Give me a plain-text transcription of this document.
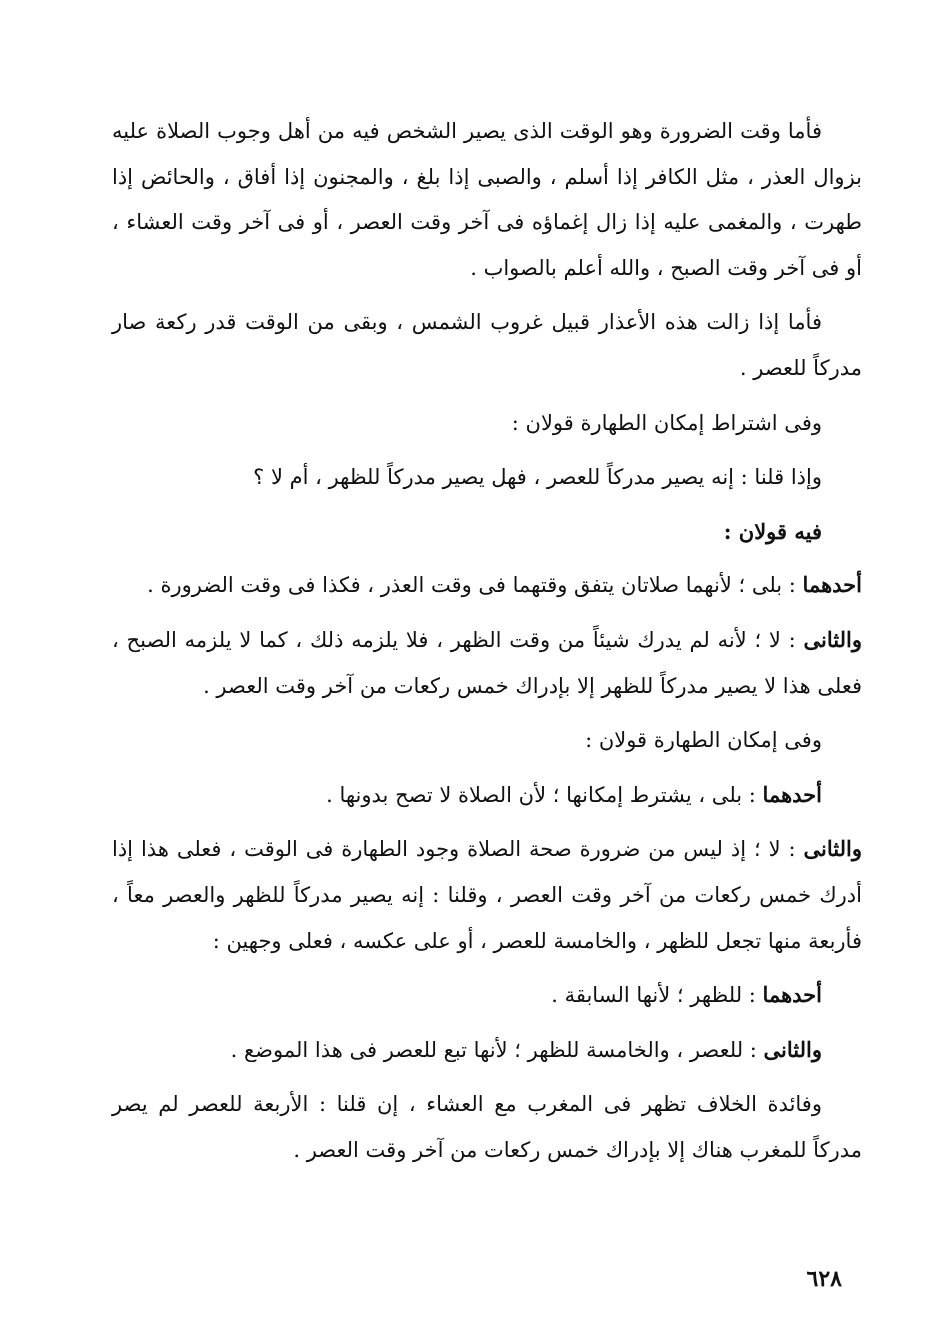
فأما وقت الضرورة وهو الوقت الذى يصير الشخص فيه من أهل وجوب الصلاة عليه بزوال العذر ، مثل الكافر إذا أسلم ، والصبى إذا بلغ ، والمجنون إذا أفاق ، والحائض إذا طهرت ، والمغمى عليه إذا زال إغماؤه فى آخر وقت العصر ، أو فى آخر وقت العشاء ، أو فى آخر وقت الصبح ، والله أعلم بالصواب .

فأما إذا زالت هذه الأعذار قبيل غروب الشمس ، وبقى من الوقت قدر ركعة صار مدركاً للعصر .

وفى اشتراط إمكان الطهارة قولان :

وإذا قلنا : إنه يصير مدركاً للعصر ، فهل يصير مدركاً للظهر ، أم لا ؟

فيه قولان :

أحدهما : بلى ؛ لأنهما صلاتان يتفق وقتهما فى وقت العذر ، فكذا فى وقت الضرورة .

والثانى : لا ؛ لأنه لم يدرك شيئاً من وقت الظهر ، فلا يلزمه ذلك ، كما لا يلزمه الصبح ، فعلى هذا لا يصير مدركاً للظهر إلا بإدراك خمس ركعات من آخر وقت العصر .

وفى إمكان الطهارة قولان :

أحدهما : بلى ، يشترط إمكانها ؛ لأن الصلاة لا تصح بدونها .

والثانى : لا ؛ إذ ليس من ضرورة صحة الصلاة وجود الطهارة فى الوقت ، فعلى هذا إذا أدرك خمس ركعات من آخر وقت العصر ، وقلنا : إنه يصير مدركاً للظهر والعصر معاً ، فأربعة منها تجعل للظهر ، والخامسة للعصر ، أو على عكسه ، فعلى وجهين :

أحدهما : للظهر ؛ لأنها السابقة .

والثانى : للعصر ، والخامسة للظهر ؛ لأنها تبع للعصر فى هذا الموضع .

وفائدة الخلاف تظهر فى المغرب مع العشاء ، إن قلنا : الأربعة للعصر لم يصر مدركاً للمغرب هناك إلا بإدراك خمس ركعات من آخر وقت العصر .

٦٢٨
